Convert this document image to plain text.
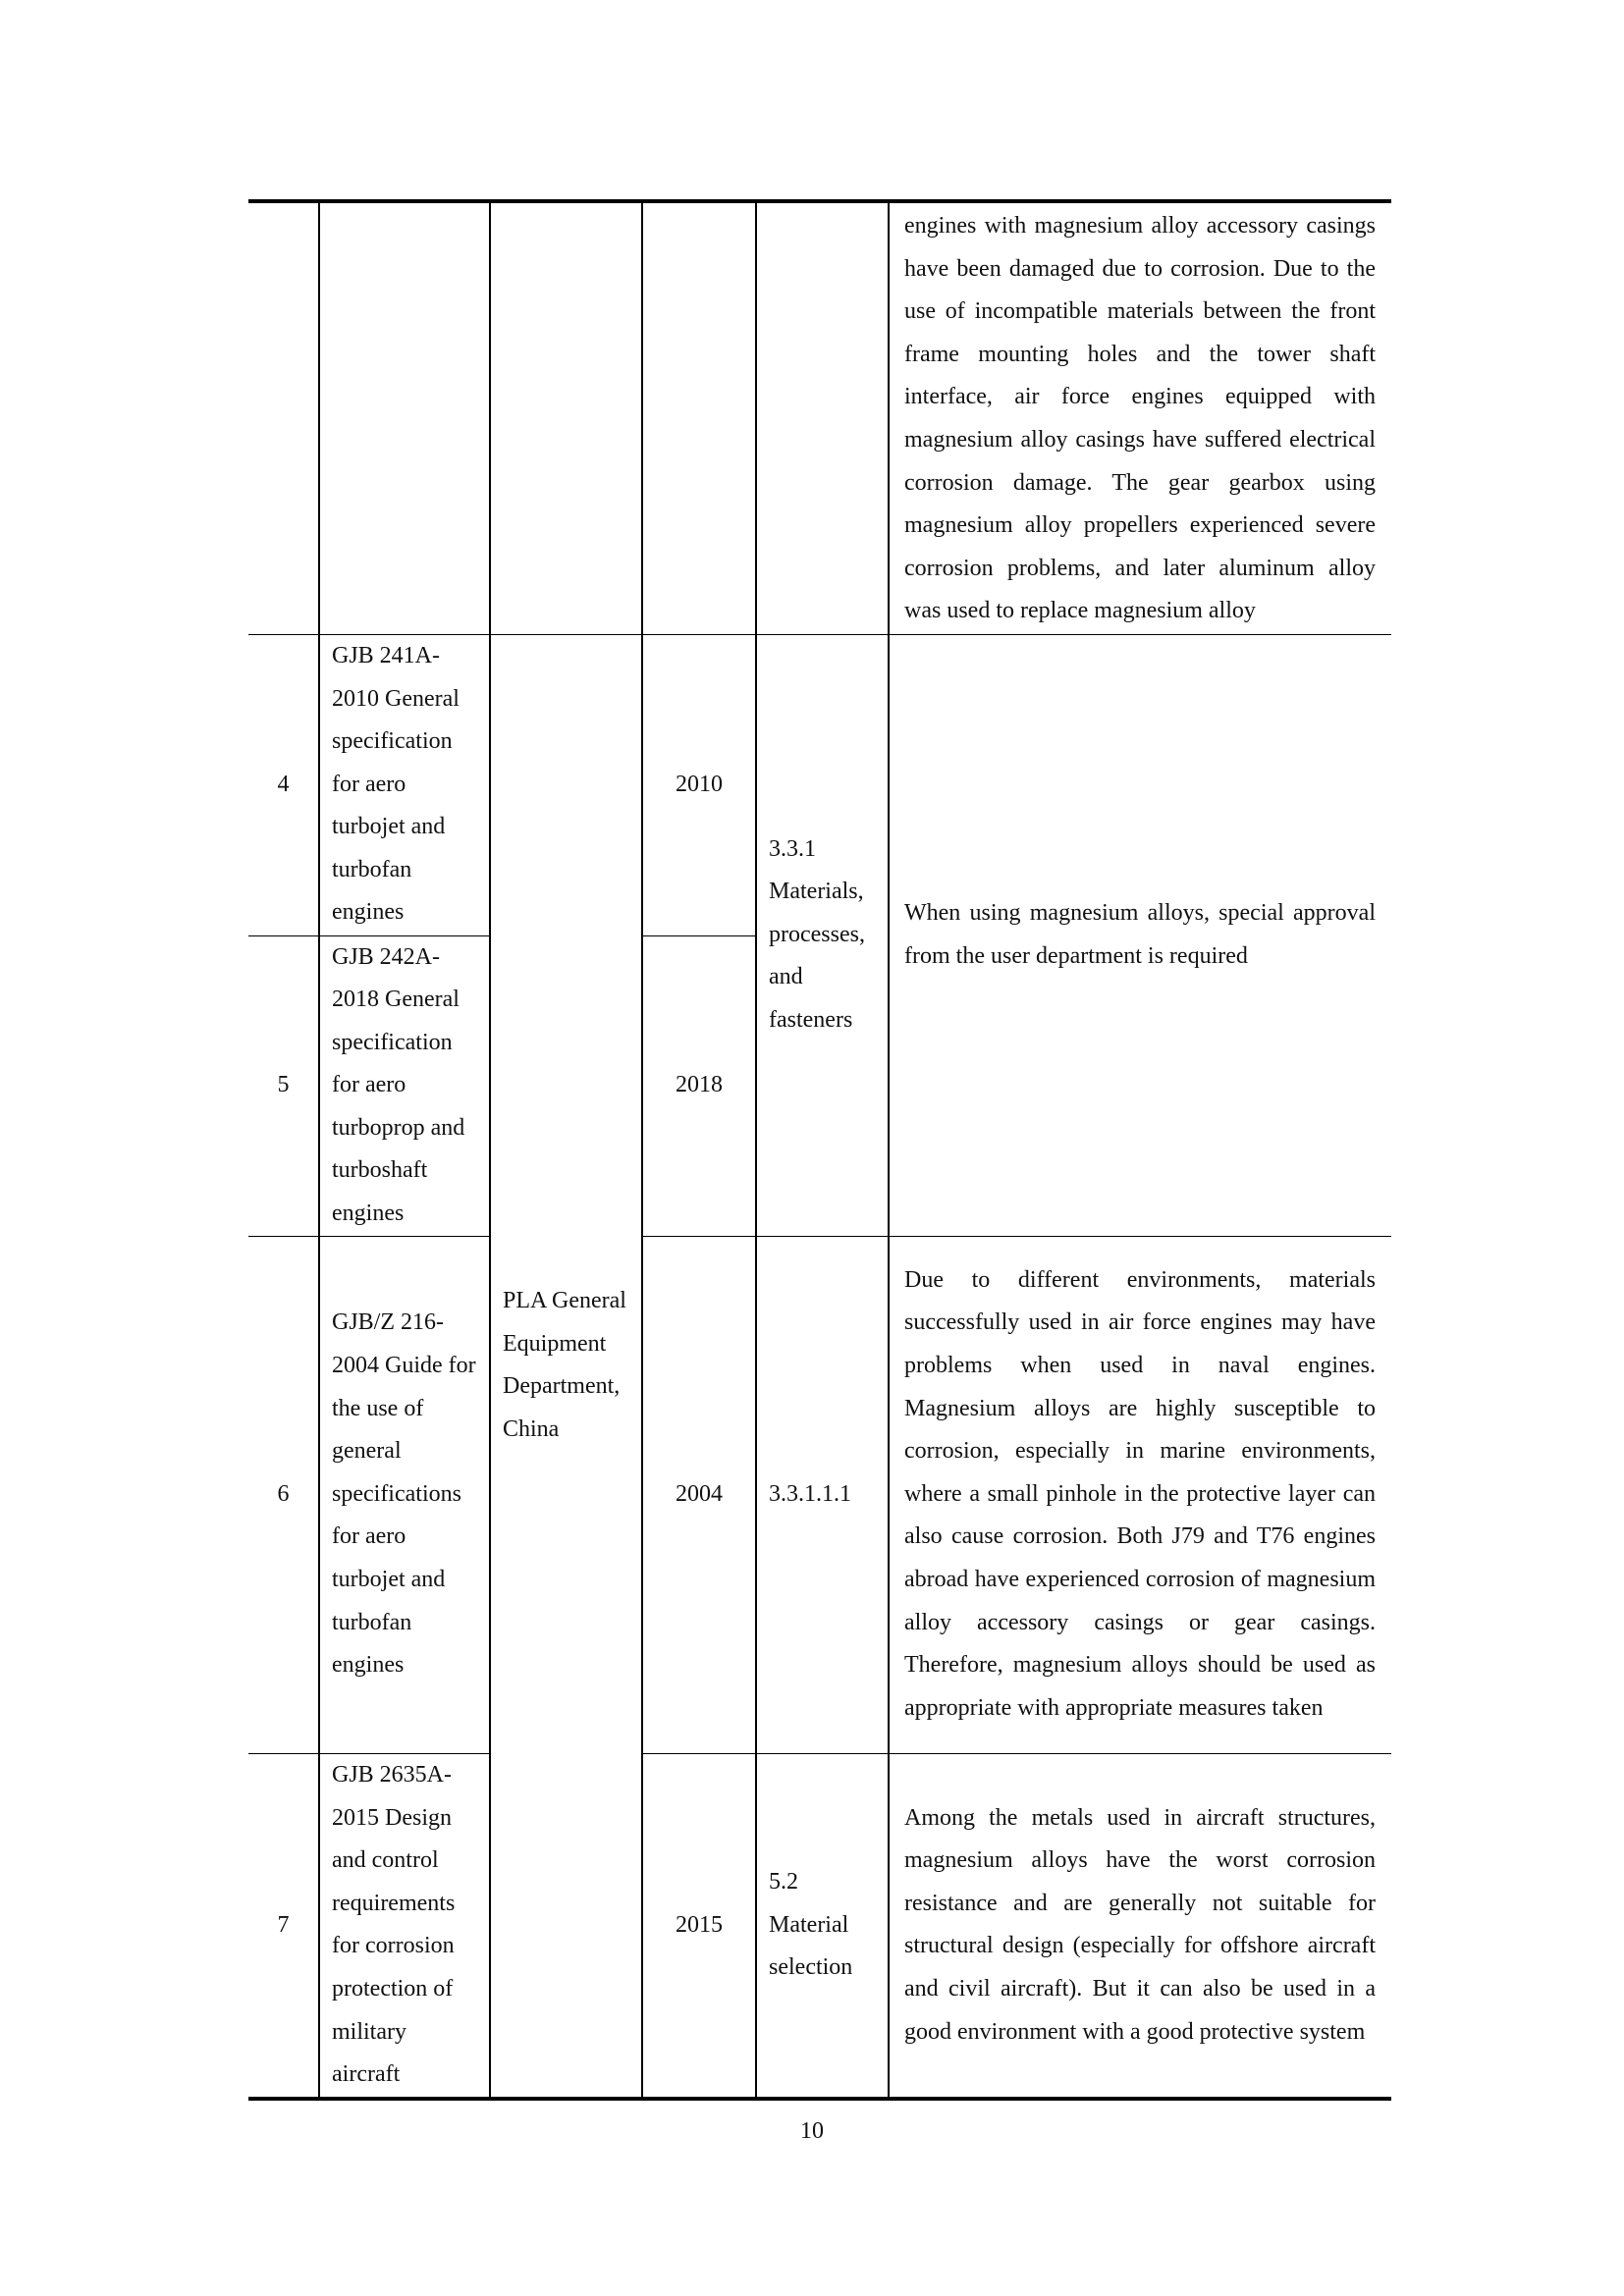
					engines with magnesium alloy accessory casings have been damaged due to corrosion. Due to the use of incompatible materials between the front frame mounting holes and the tower shaft interface, air force engines equipped with magnesium alloy casings have suffered electrical corrosion damage. The gear gearbox using magnesium alloy propellers experienced severe corrosion problems, and later aluminum alloy was used to replace magnesium alloy
4	GJB 241A-2010 General specification for aero turbojet and turbofan engines	PLA General Equipment Department, China	2010	3.3.1 Materials, processes, and fasteners	When using magnesium alloys, special approval from the user department is required
5	GJB 242A-2018 General specification for aero turboprop and turboshaft engines		2018		
6	GJB/Z 216-2004 Guide for the use of general specifications for aero turbojet and turbofan engines		2004	3.3.1.1.1	Due to different environments, materials successfully used in air force engines may have problems when used in naval engines. Magnesium alloys are highly susceptible to corrosion, especially in marine environments, where a small pinhole in the protective layer can also cause corrosion. Both J79 and T76 engines abroad have experienced corrosion of magnesium alloy accessory casings or gear casings. Therefore, magnesium alloys should be used as appropriate with appropriate measures taken
7	GJB 2635A-2015 Design and control requirements for corrosion protection of military aircraft		2015	5.2 Material selection	Among the metals used in aircraft structures, magnesium alloys have the worst corrosion resistance and are generally not suitable for structural design (especially for offshore aircraft and civil aircraft). But it can also be used in a good environment with a good protective system
10
